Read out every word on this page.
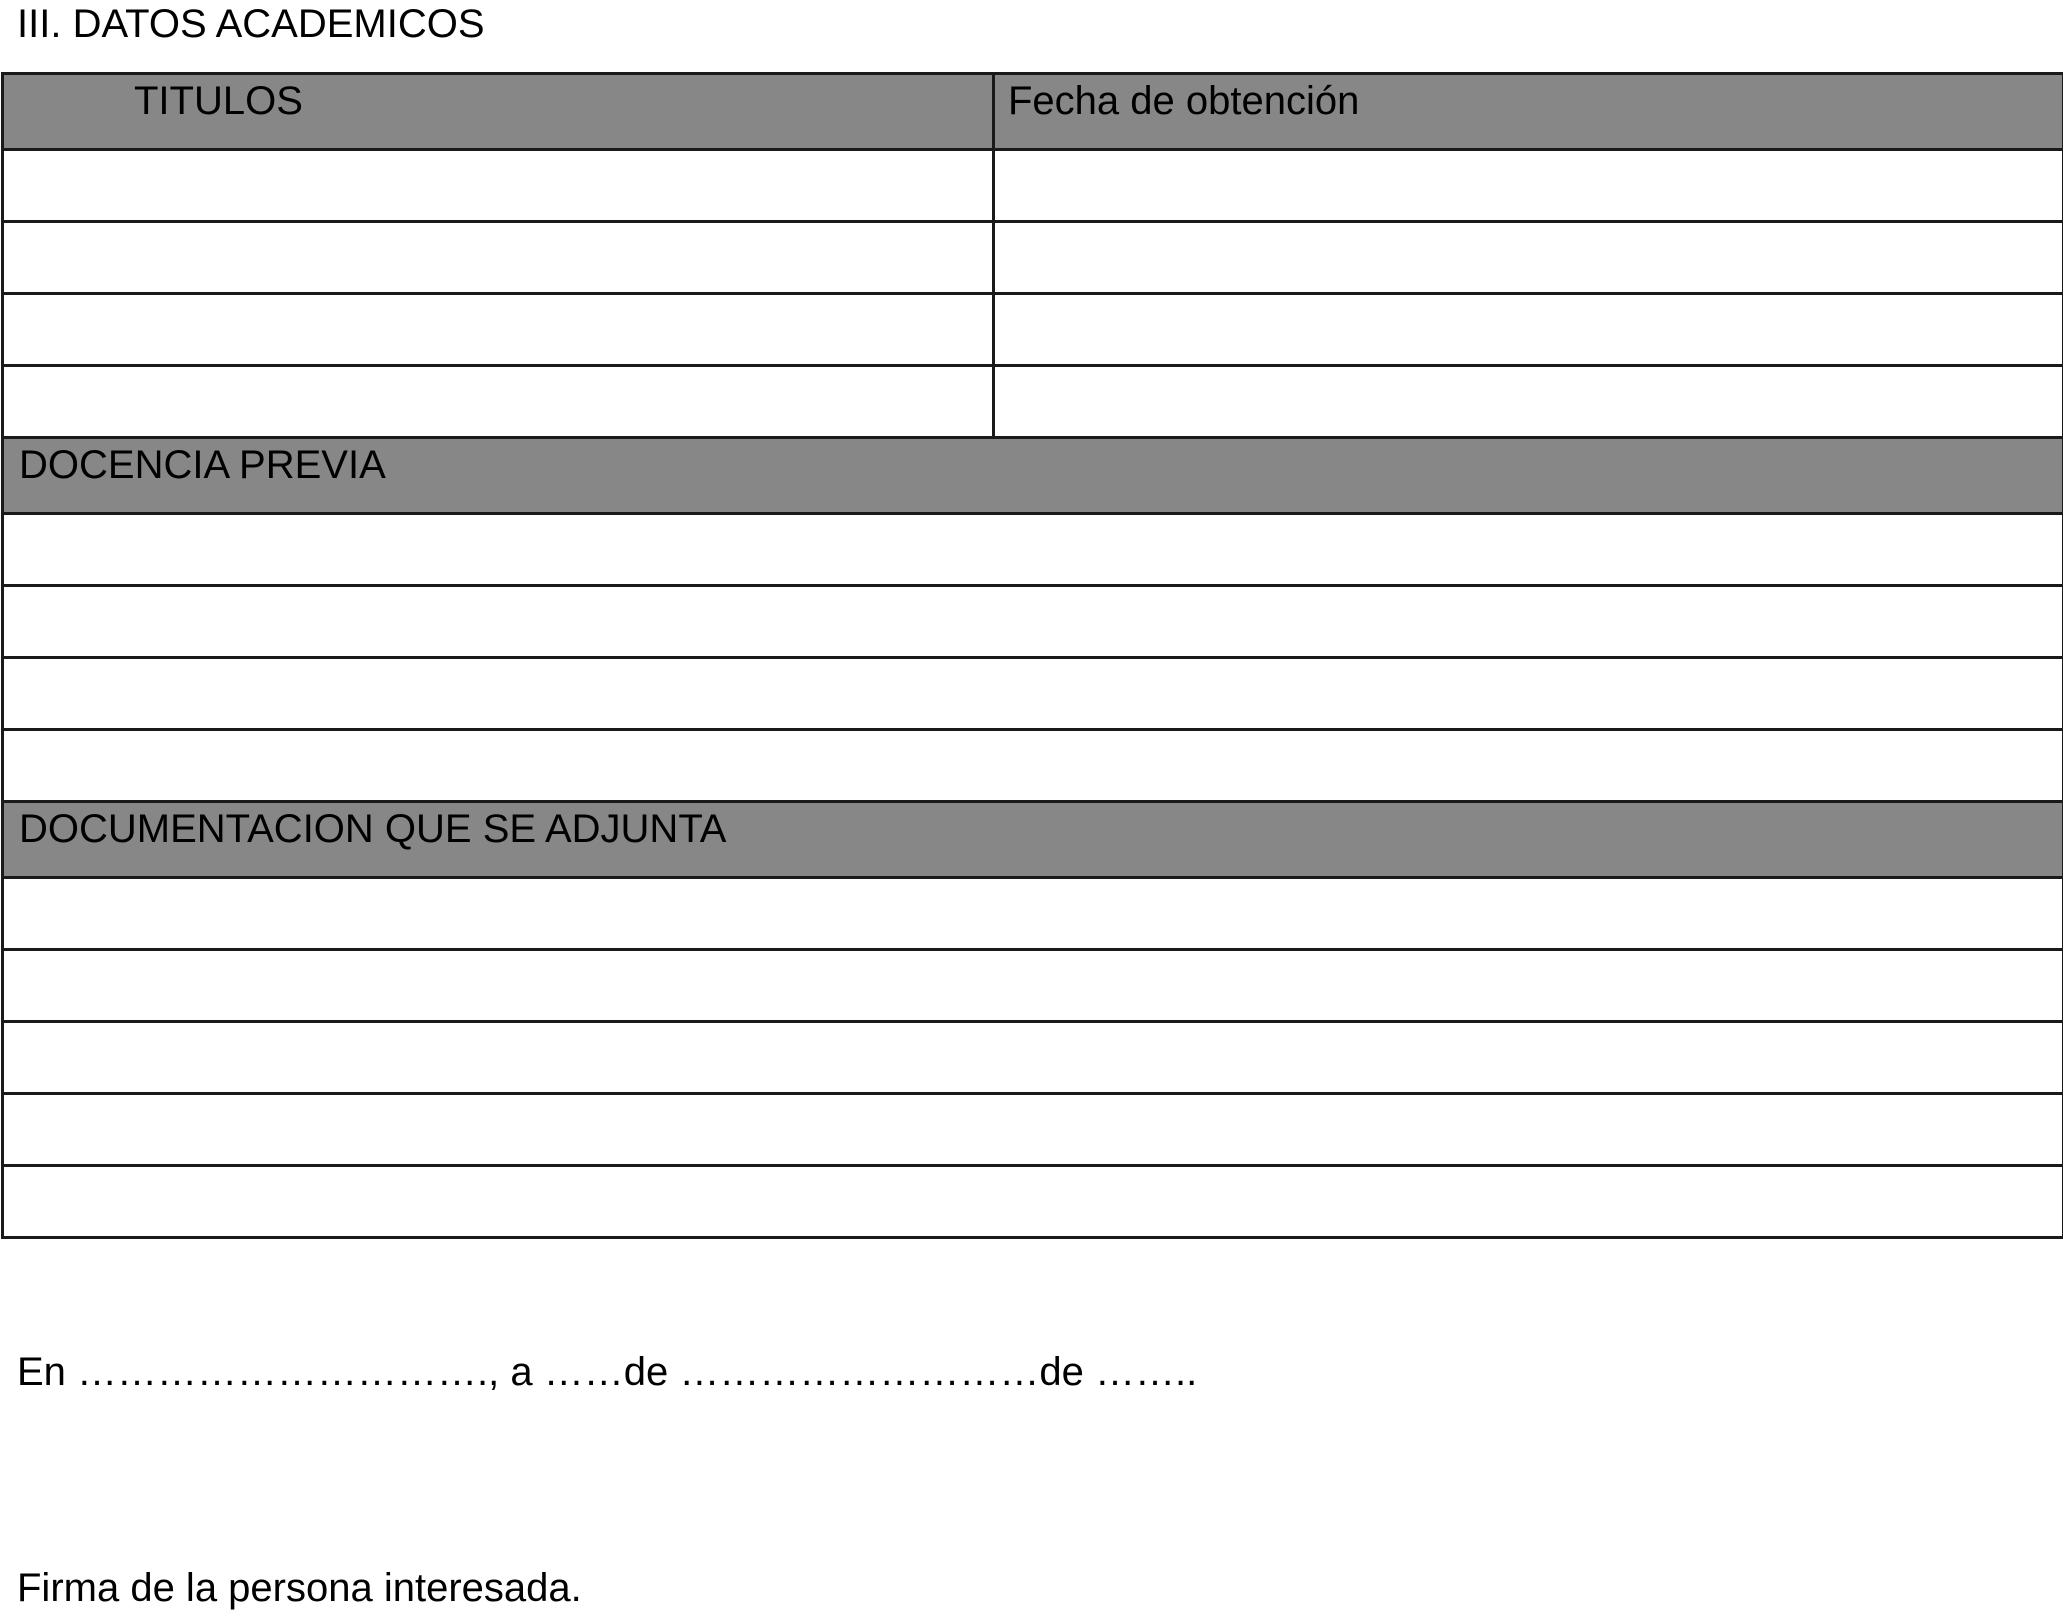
III. DATOS ACADEMICOS
TITULOS	Fecha de obtención

DOCENCIA PREVIA	

DOCUMENTACION QUE SE ADJUNTA	

En …………………………., a ……de ………………………de ……..
Firma de la persona interesada.
